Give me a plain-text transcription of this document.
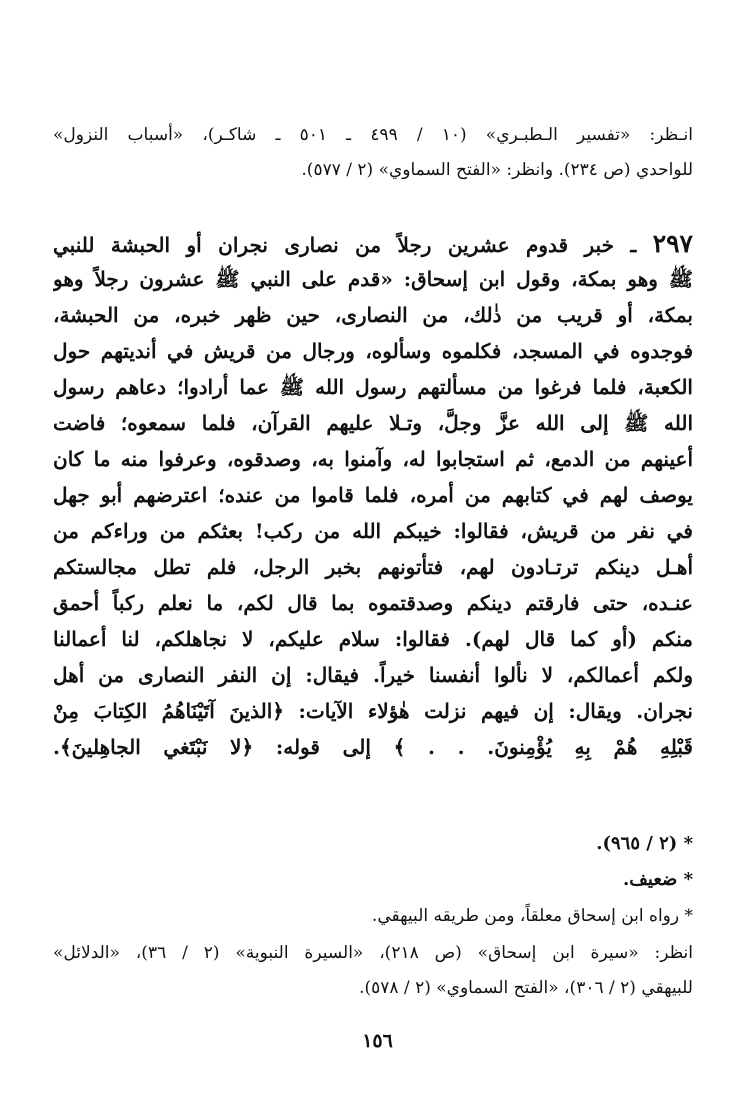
انـظر: «تفسير الـطبـري» (١٠ / ٤٩٩ ـ ٥٠١ ـ شاكـر)، «أسباب النزول»
للواحدي (ص ٢٣٤). وانظر: «الفتح السماوي» (٢ / ٥٧٧).
٢٩٧ ـ خبر قدوم عشرين رجلاً من نصارى نجران أو الحبشة للنبي
ﷺ وهو بمكة، وقول ابن إسحاق: «قدم على النبي ﷺ عشرون رجلاً وهو
بمكة، أو قريب من ذٰلك، من النصارى، حين ظهر خبره، من الحبشة،
فوجدوه في المسجد، فكلموه وسألوه، ورجال من قريش في أنديتهم حول
الكعبة، فلما فرغوا من مسألتهم رسول الله ﷺ عما أرادوا؛ دعاهم رسول
الله ﷺ إلى الله عزَّ وجلَّ، وتـلا عليهم القرآن، فلما سمعوه؛ فاضت
أعينهم من الدمع، ثم استجابوا له، وآمنوا به، وصدقوه، وعرفوا منه ما كان
يوصف لهم في كتابهم من أمره، فلما قاموا من عنده؛ اعترضهم أبو جهل
في نفر من قريش، فقالوا: خيبكم الله من ركب! بعثكم من وراءكم من
أهـل دينكم ترتـادون لهم، فتأتونهم بخبر الرجل، فلم تطل مجالستكم
عنـده، حتى فارقتم دينكم وصدقتموه بما قال لكم، ما نعلم ركباً أحمق
منكم (أو كما قال لهم). فقالوا: سلام عليكم، لا نجاهلكم، لنا أعمالنا
ولكم أعمالكم، لا نألوا أنفسنا خيراً. فيقال: إن النفر النصارى من أهل
نجران. ويقال: إن فيهم نزلت هٰؤلاء الآيات: ﴿الذينَ آتَيْنَاهُمُ الكِتابَ مِنْ
قَبْلِهِ هُمْ بِهِ يُؤْمِنونَ. . . ﴾ إلى قوله: ﴿لا نَبْتَغي الجاهِلينَ﴾.
* (٢ / ٩٦٥).
* ضعيف.
* رواه ابن إسحاق معلقاً، ومن طريقه البيهقي.
انظر: «سيرة ابن إسحاق» (ص ٢١٨)، «السيرة النبوية» (٢ / ٣٦)، «الدلائل»
للبيهقي (٢ / ٣٠٦)، «الفتح السماوي» (٢ / ٥٧٨).
١٥٦
